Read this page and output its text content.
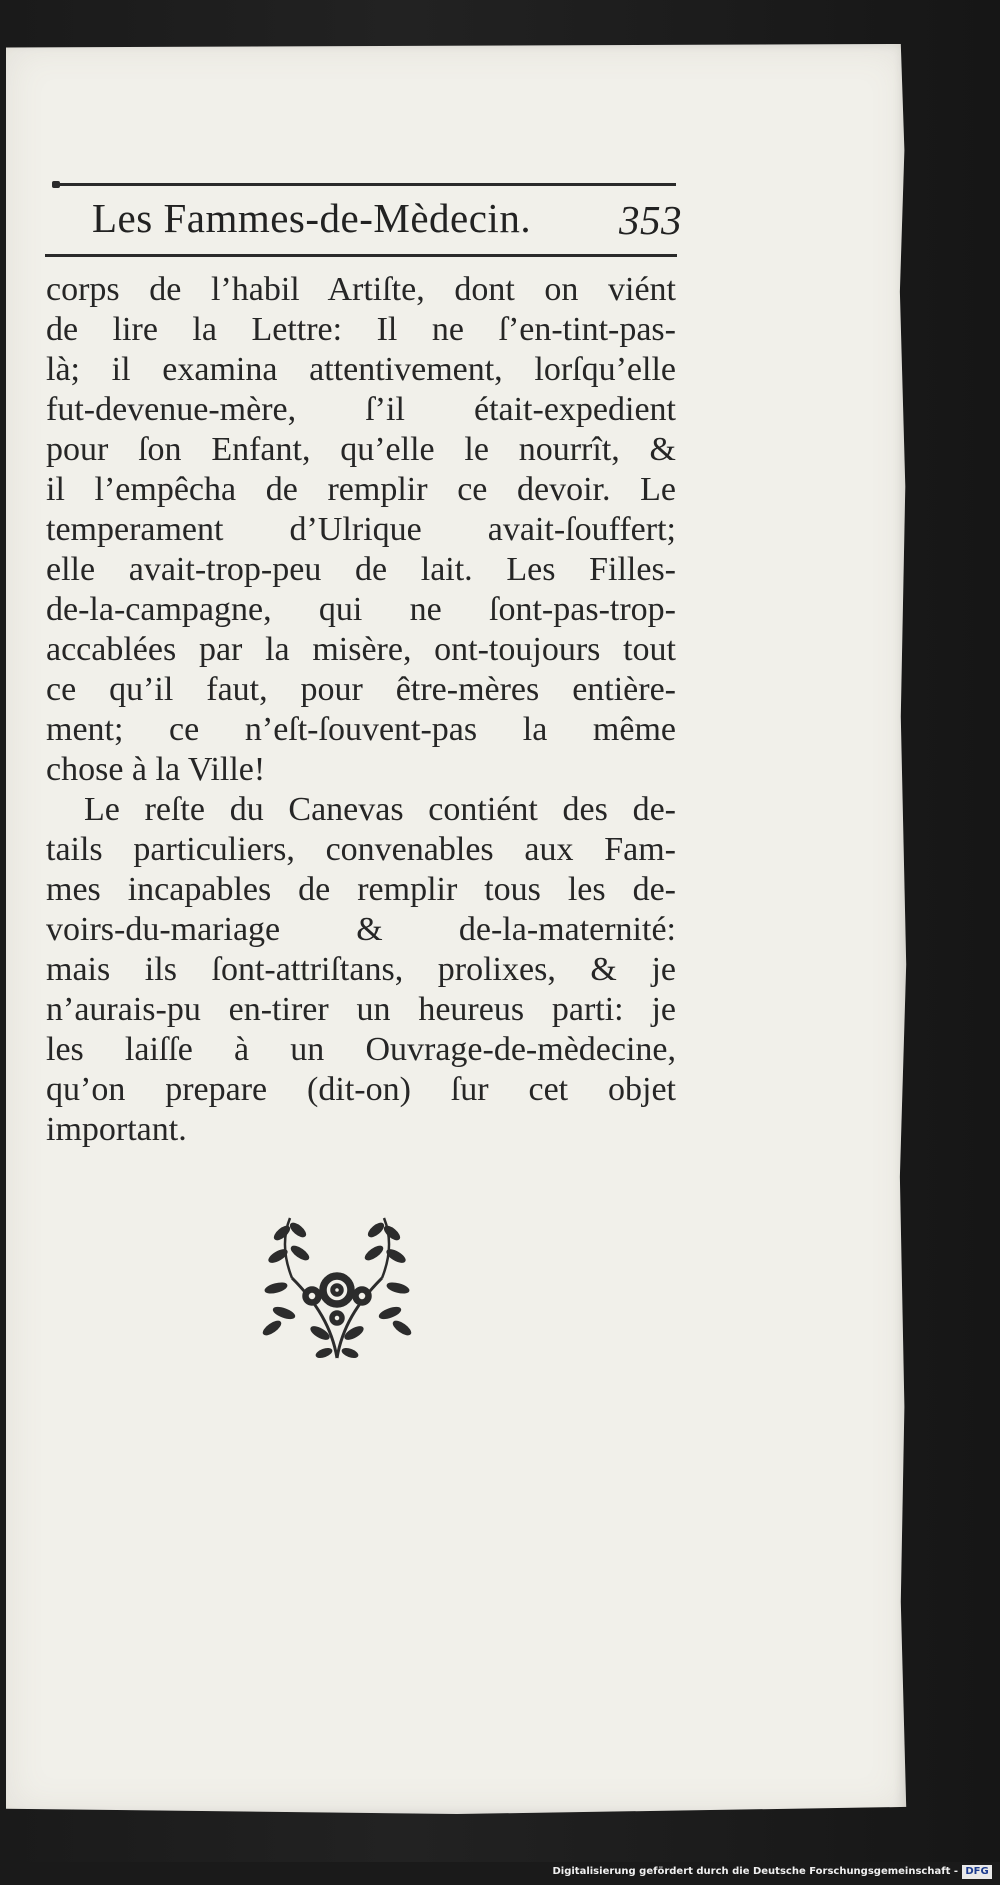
Les Fammes-de-Mèdecin. 353
corps de l’habil Artiſte, dont on viént
de lire la Lettre: Il ne ſ’en-tint-pas-
là; il examina attentivement, lorſqu’elle
fut-devenue-mère, ſ’il était-expedient
pour ſon Enfant, qu’elle le nourrît, &
il l’empêcha de remplir ce devoir. Le
temperament d’Ulrique avait-ſouffert;
elle avait-trop-peu de lait. Les Filles-
de-la-campagne, qui ne ſont-pas-trop-
accablées par la misère, ont-toujours tout
ce qu’il faut, pour être-mères entière-
ment; ce n’eſt-ſouvent-pas la même
chose à la Ville!
Le reſte du Canevas contiént des de-
tails particuliers, convenables aux Fam-
mes incapables de remplir tous les de-
voirs-du-mariage & de-la-maternité:
mais ils ſont-attriſtans, prolixes, & je
n’aurais-pu en-tirer un heureus parti: je
les laiſſe à un Ouvrage-de-mèdecine,
qu’on prepare (dit-on) ſur cet objet
important.
Digitalisierung gefördert durch die Deutsche Forschungsgemeinschaft - DFG
